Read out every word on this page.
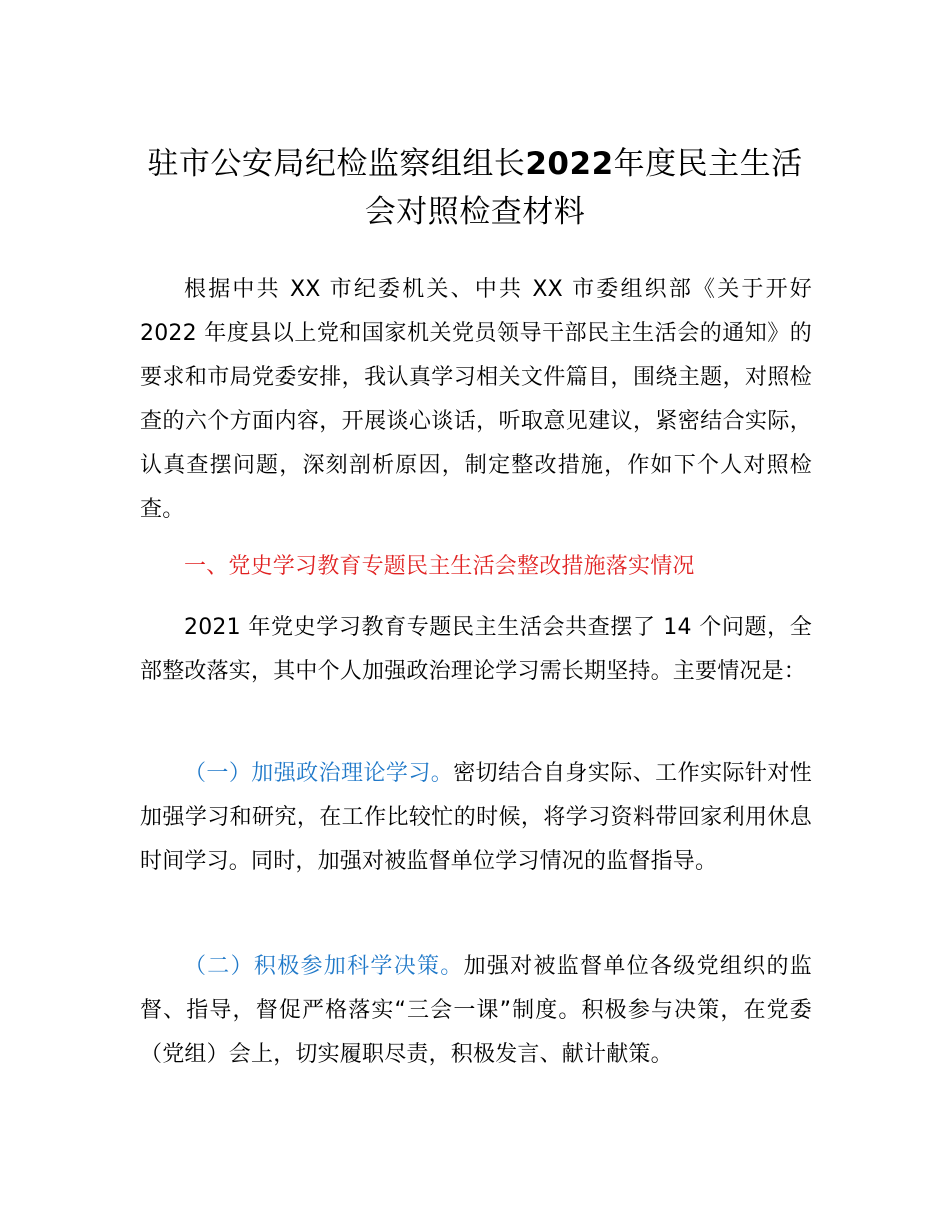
驻市公安局纪检监察组组长2022年度民主生活会对照检查材料

根据中共 XX 市纪委机关、中共 XX 市委组织部《关于开好 2022 年度县以上党和国家机关党员领导干部民主生活会的通知》的要求和市局党委安排，我认真学习相关文件篇目，围绕主题，对照检查的六个方面内容，开展谈心谈话，听取意见建议，紧密结合实际，认真查摆问题，深刻剖析原因，制定整改措施，作如下个人对照检查。

一、党史学习教育专题民主生活会整改措施落实情况

2021 年党史学习教育专题民主生活会共查摆了 14 个问题，全部整改落实，其中个人加强政治理论学习需长期坚持。主要情况是：

（一）加强政治理论学习。密切结合自身实际、工作实际针对性加强学习和研究，在工作比较忙的时候，将学习资料带回家利用休息时间学习。同时，加强对被监督单位学习情况的监督指导。

（二）积极参加科学决策。加强对被监督单位各级党组织的监督、指导，督促严格落实“三会一课”制度。积极参与决策，在党委（党组）会上，切实履职尽责，积极发言、献计献策。
